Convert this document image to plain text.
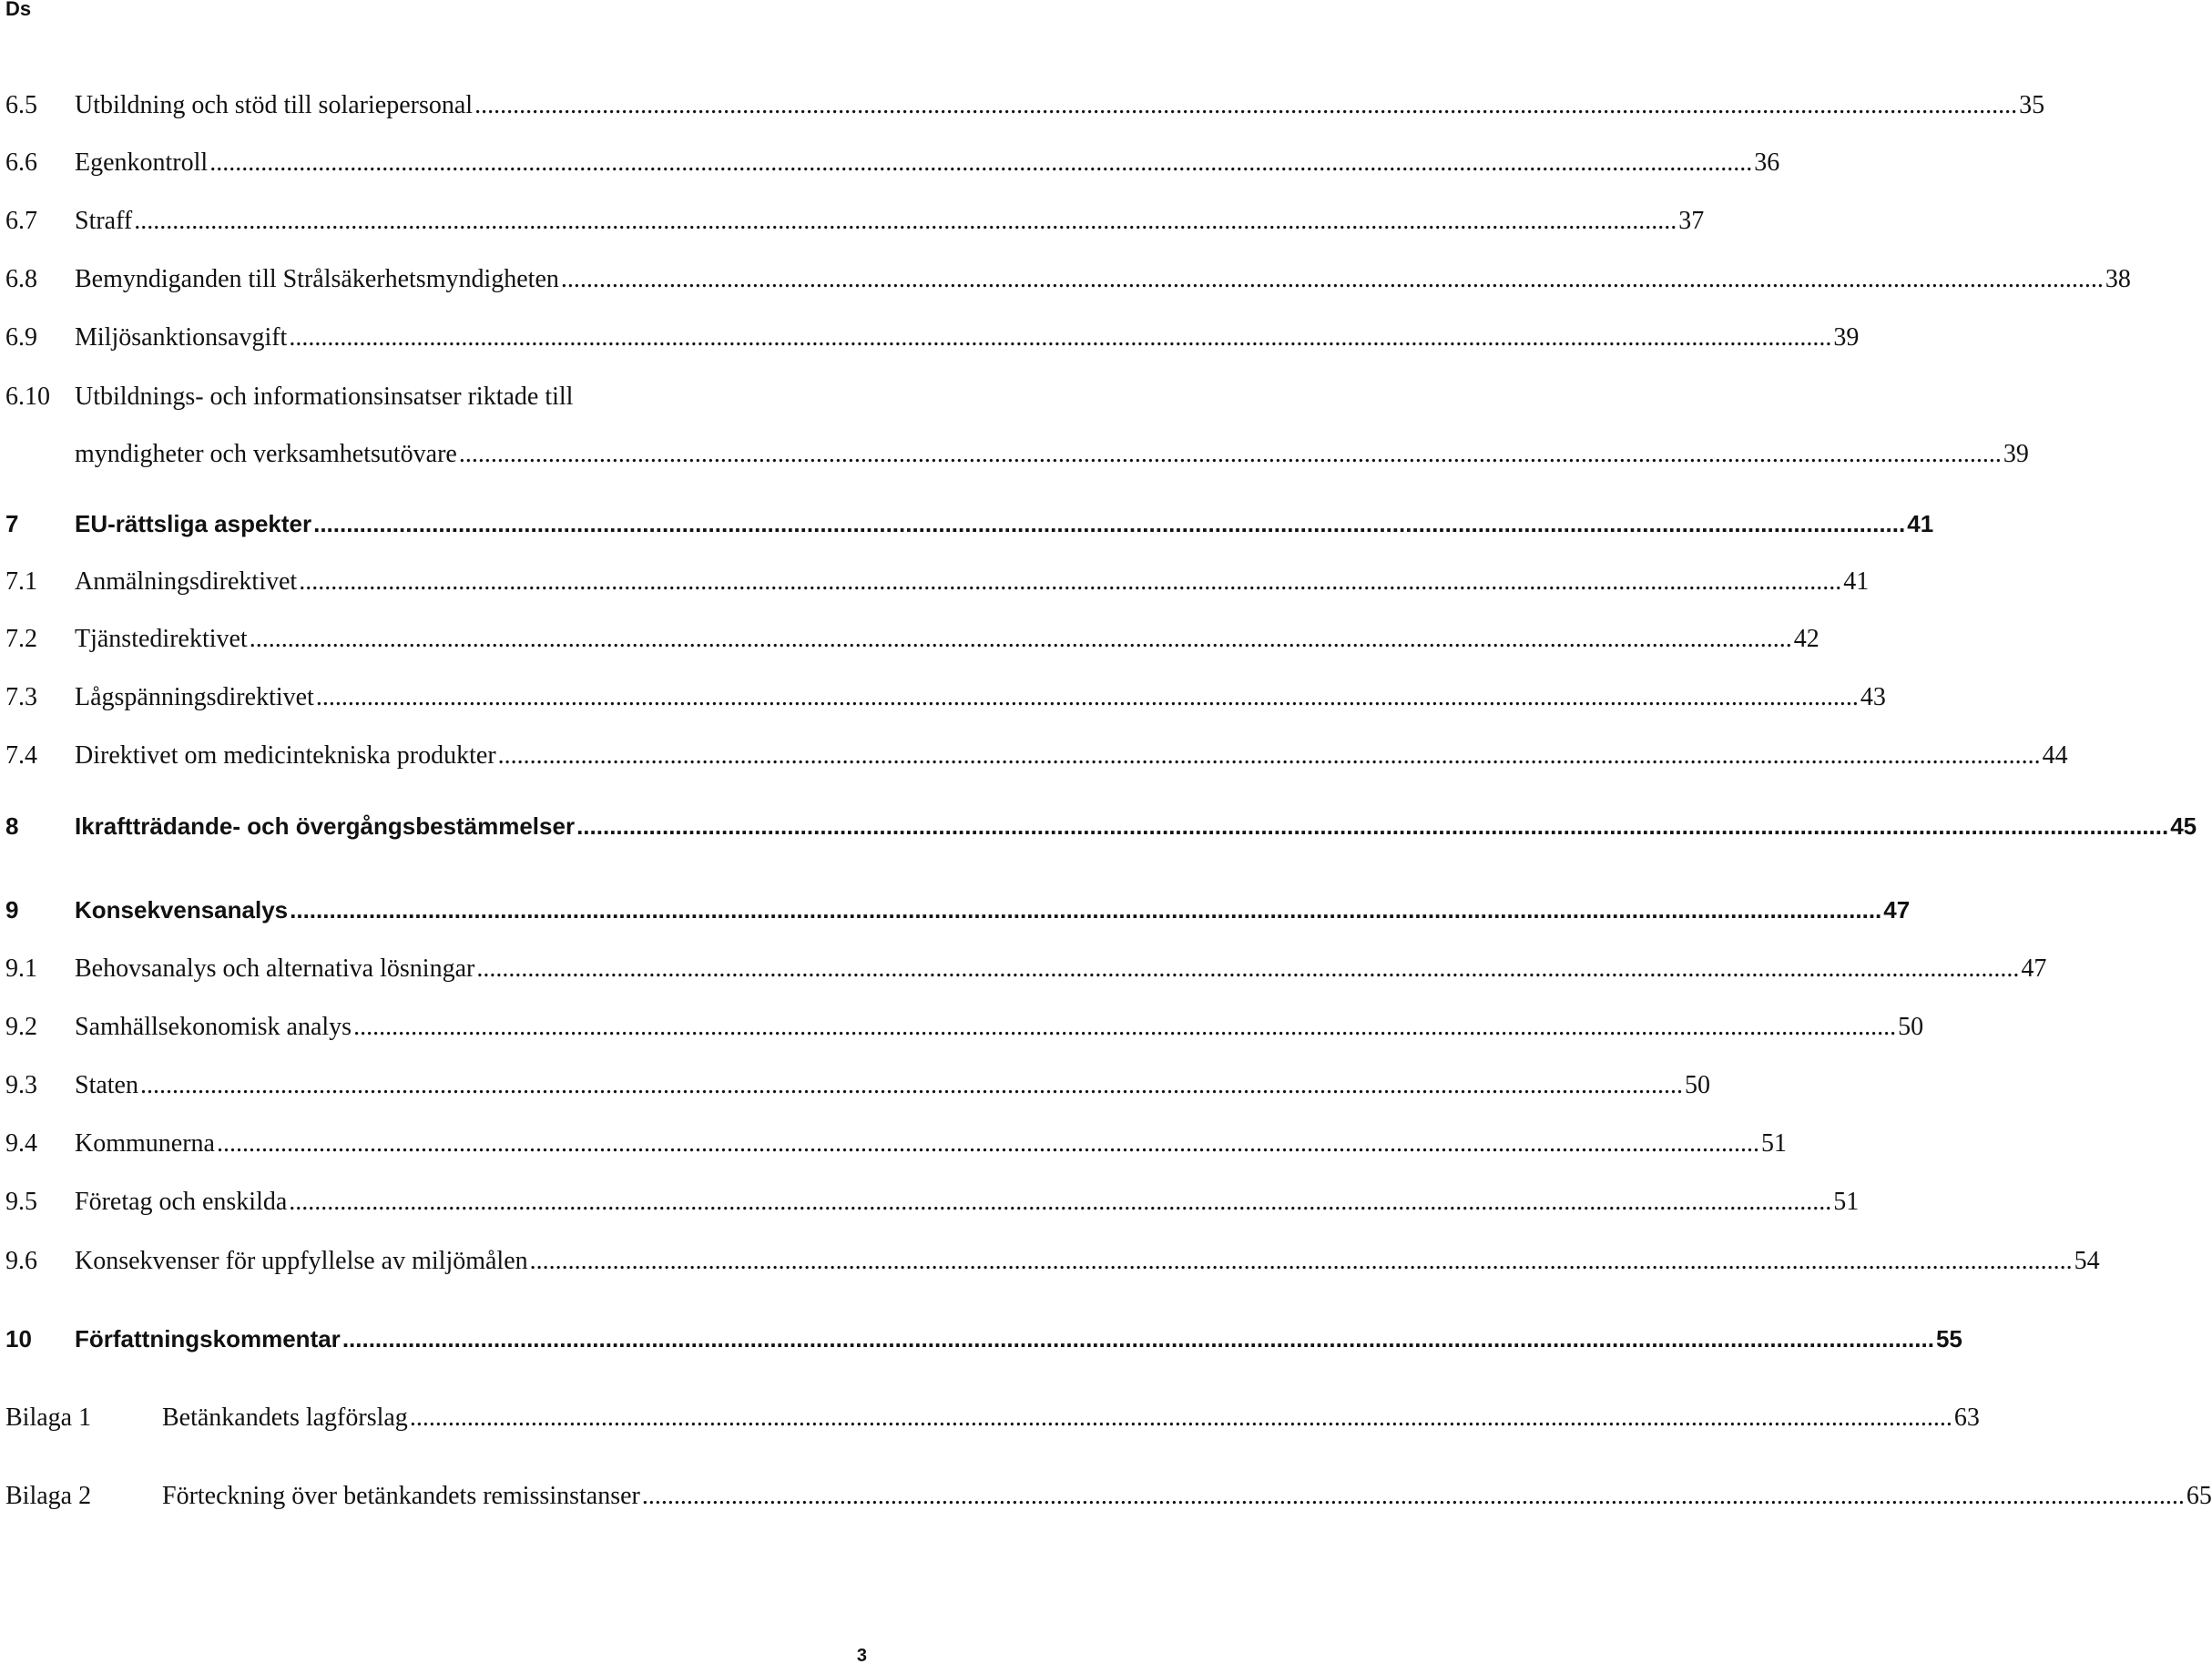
Ds
6.5	Utbildning och stöd till solariepersonal .....	35
6.6	Egenkontroll .....	36
6.7	Straff .....	37
6.8	Bemyndiganden till Strålsäkerhetsmyndigheten .....	38
6.9	Miljösanktionsavgift .....	39
6.10 Utbildnings- och informationsinsatser riktade till
myndigheter och verksamhetsutövare .....	39
7	EU-rättsliga aspekter .....	41
7.1	Anmälningsdirektivet .....	41
7.2	Tjänstedirektivet .....	42
7.3	Lågspänningsdirektivet .....	43
7.4	Direktivet om medicintekniska produkter .....	44
8	Ikraftträdande- och övergångsbestämmelser .....	45
9	Konsekvensanalys .....	47
9.1	Behovsanalys och alternativa lösningar .....	47
9.2	Samhällsekonomisk analys .....	50
9.3	Staten .....	50
9.4	Kommunerna .....	51
9.5	Företag och enskilda .....	51
9.6	Konsekvenser för uppfyllelse av miljömålen .....	54
10	Författningskommentar .....	55
Bilaga 1	Betänkandets lagförslag .....	63
Bilaga 2	Förteckning över betänkandets remissinstanser .....	65
3
